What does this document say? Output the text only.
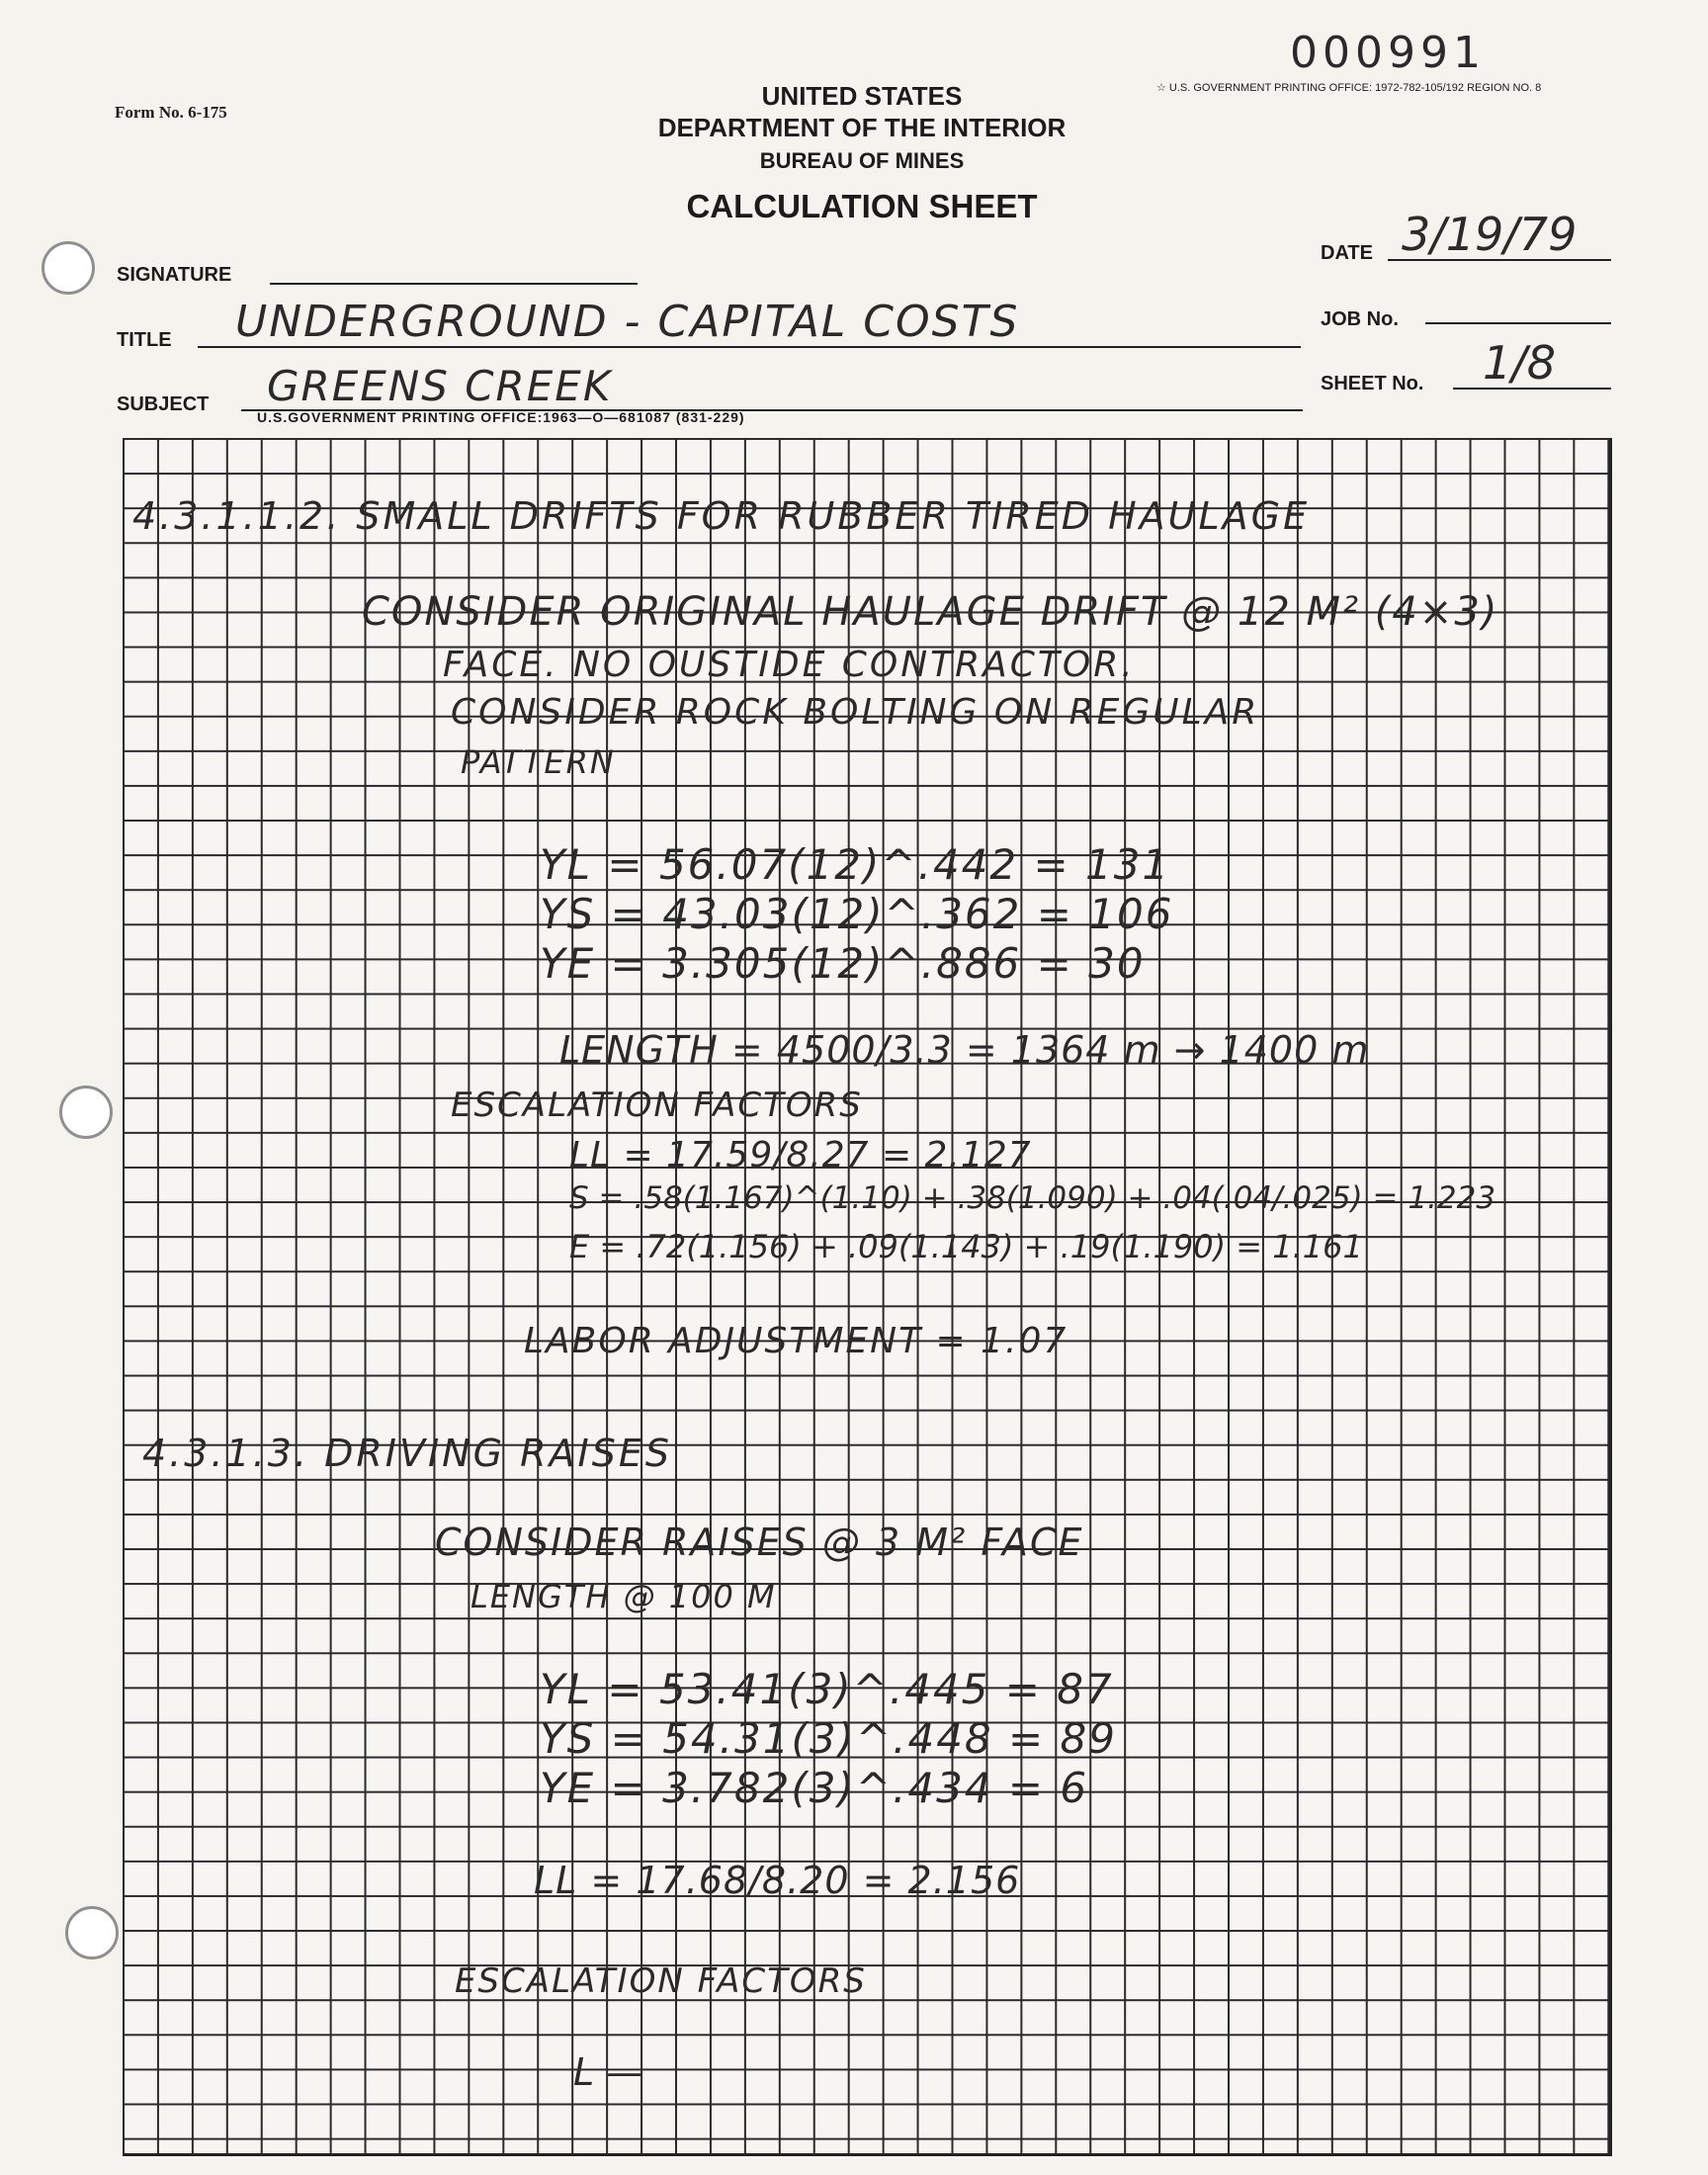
000991
Form No. 6-175
☆ U.S. GOVERNMENT PRINTING OFFICE: 1972-782-105/192 REGION NO. 8
UNITED STATES
DEPARTMENT OF THE INTERIOR
BUREAU OF MINES
CALCULATION SHEET
SIGNATURE
DATE 3/19/79
TITLE UNDERGROUND - CAPITAL COSTS	JOB No.
SUBJECT GREENS CREEK
U.S.GOVERNMENT PRINTING OFFICE:1963—O—681087 (831-229)
SHEET No. 1/8
4.3.1.1.2. SMALL DRIFTS FOR RUBBER TIRED HAULAGE
CONSIDER ORIGINAL HAULAGE DRIFT @ 12 M² (4×3)
FACE. NO OUSTIDE CONTRACTOR.
CONSIDER ROCK BOLTING ON REGULAR
PATTERN
YL = 56.07(12)^.442 = 131
YS = 43.03(12)^.362 = 106
YE = 3.305(12)^.886 = 30
LENGTH = 4500/3.3 = 1364 m → 1400 m
ESCALATION FACTORS
LL = 17.59/8.27 = 2.127
S = .58(1.167)^(1.10) + .38(1.090) + .04(.04/.025) = 1.223
E = .72(1.156) + .09(1.143) + .19(1.190) = 1.161
LABOR ADJUSTMENT = 1.07
4.3.1.3. DRIVING RAISES
CONSIDER RAISES @ 3 M² FACE
LENGTH @ 100 M
YL = 53.41(3)^.445 = 87
YS = 54.31(3)^.448 = 89
YE = 3.782(3)^.434 = 6
LL = 17.68/8.20 = 2.156
ESCALATION FACTORS
L —
